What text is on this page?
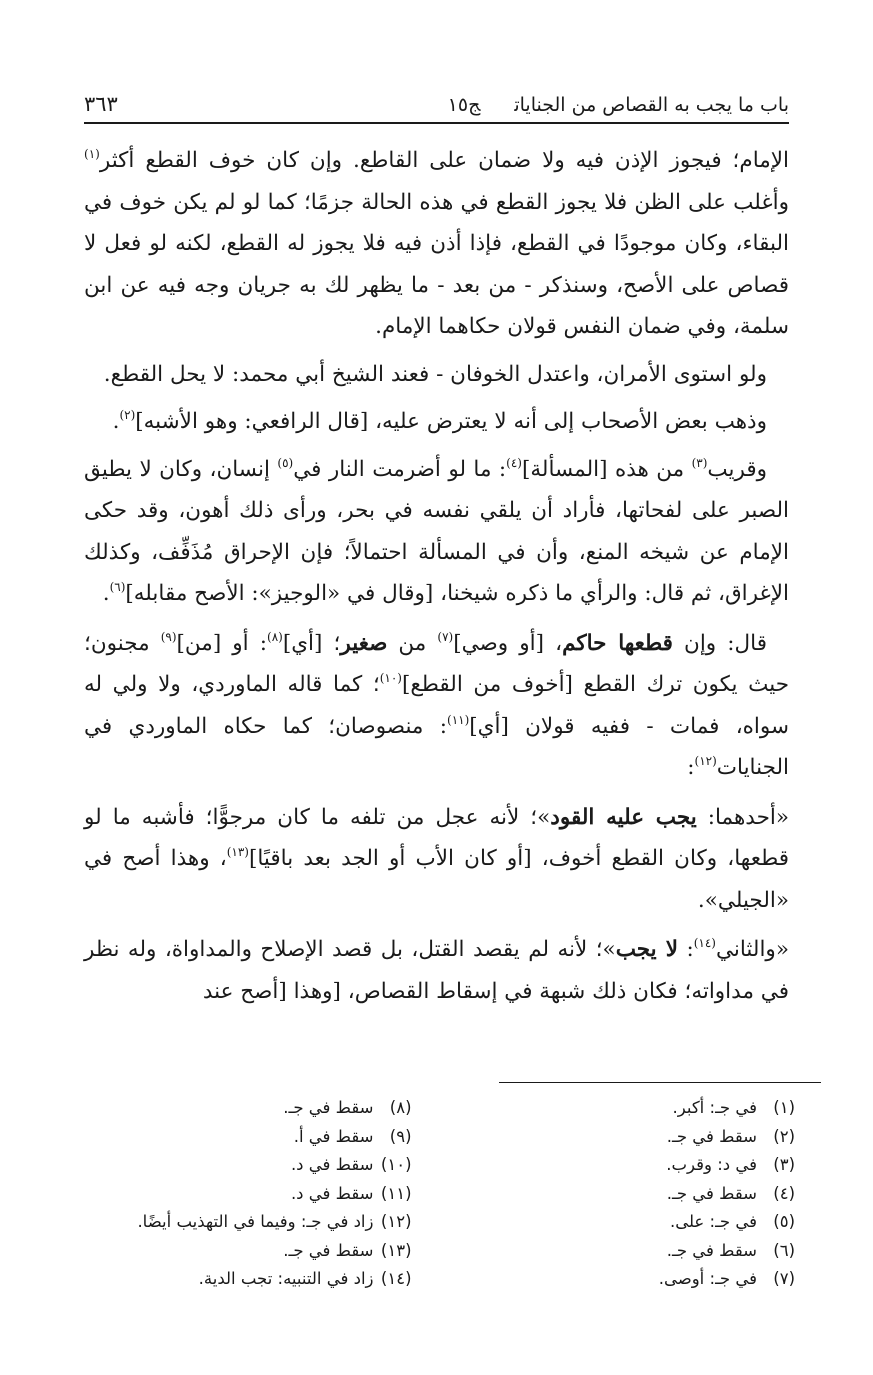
باب ما يجب به القصاص من الجناياتج١٥
٣٦٣

الإمام؛ فيجوز الإذن فيه ولا ضمان على القاطع. وإن كان خوف القطع أكثر$^{(١)}$ وأغلب على الظن فلا يجوز القطع في هذه الحالة جزمًا؛ كما لو لم يكن خوف في البقاء، وكان موجودًا في القطع، فإذا أذن فيه فلا يجوز له القطع، لكنه لو فعل لا قصاص على الأصح، وسنذكر - من بعد - ما يظهر لك به جريان وجه فيه عن ابن سلمة، وفي ضمان النفس قولان حكاهما الإمام.

ولو استوى الأمران، واعتدل الخوفان - فعند الشيخ أبي محمد: لا يحل القطع.

وذهب بعض الأصحاب إلى أنه لا يعترض عليه، [قال الرافعي: وهو الأشبه]$^{(٢)}$.

وقريب$^{(٣)}$ من هذه [المسألة]$^{(٤)}$: ما لو أضرمت النار في$^{(٥)}$ إنسان، وكان لا يطيق الصبر على لفحاتها، فأراد أن يلقي نفسه في بحر، ورأى ذلك أهون، وقد حكى الإمام عن شيخه المنع، وأن في المسألة احتمالاً؛ فإن الإحراق مُذَفِّف، وكذلك الإغراق، ثم قال: والرأي ما ذكره شيخنا، [وقال في «الوجيز»: الأصح مقابله]$^{(٦)}$.

قال: وإن قطعها حاكم، [أو وصي]$^{(٧)}$ من صغير؛ [أي]$^{(٨)}$: أو [من]$^{(٩)}$ مجنون؛ حيث يكون ترك القطع [أخوف من القطع]$^{(١٠)}$؛ كما قاله الماوردي، ولا ولي له سواه، فمات - ففيه قولان [أي]$^{(١١)}$: منصوصان؛ كما حكاه الماوردي في الجنايات$^{(١٢)}$:

«أحدهما: يجب عليه القود»؛ لأنه عجل من تلفه ما كان مرجوًّا؛ فأشبه ما لو قطعها، وكان القطع أخوف، [أو كان الأب أو الجد بعد باقيًا]$^{(١٣)}$، وهذا أصح في «الجيلي».

«والثاني$^{(١٤)}$: لا يجب»؛ لأنه لم يقصد القتل، بل قصد الإصلاح والمداواة، وله نظر في مداواته؛ فكان ذلك شبهة في إسقاط القصاص، [وهذا [أصح عند

(١)في جـ: أكبر.
(٢)سقط في جـ.
(٣)في د: وقرب.
(٤)سقط في جـ.
(٥)في جـ: على.
(٦)سقط في جـ.
(٧)في جـ: أوصى.
(٨)سقط في جـ.
(٩)سقط في أ.
(١٠)سقط في د.
(١١)سقط في د.
(١٢)زاد في جـ: وفيما في التهذيب أيضًا.
(١٣)سقط في جـ.
(١٤)زاد في التنبيه: تجب الدية.
